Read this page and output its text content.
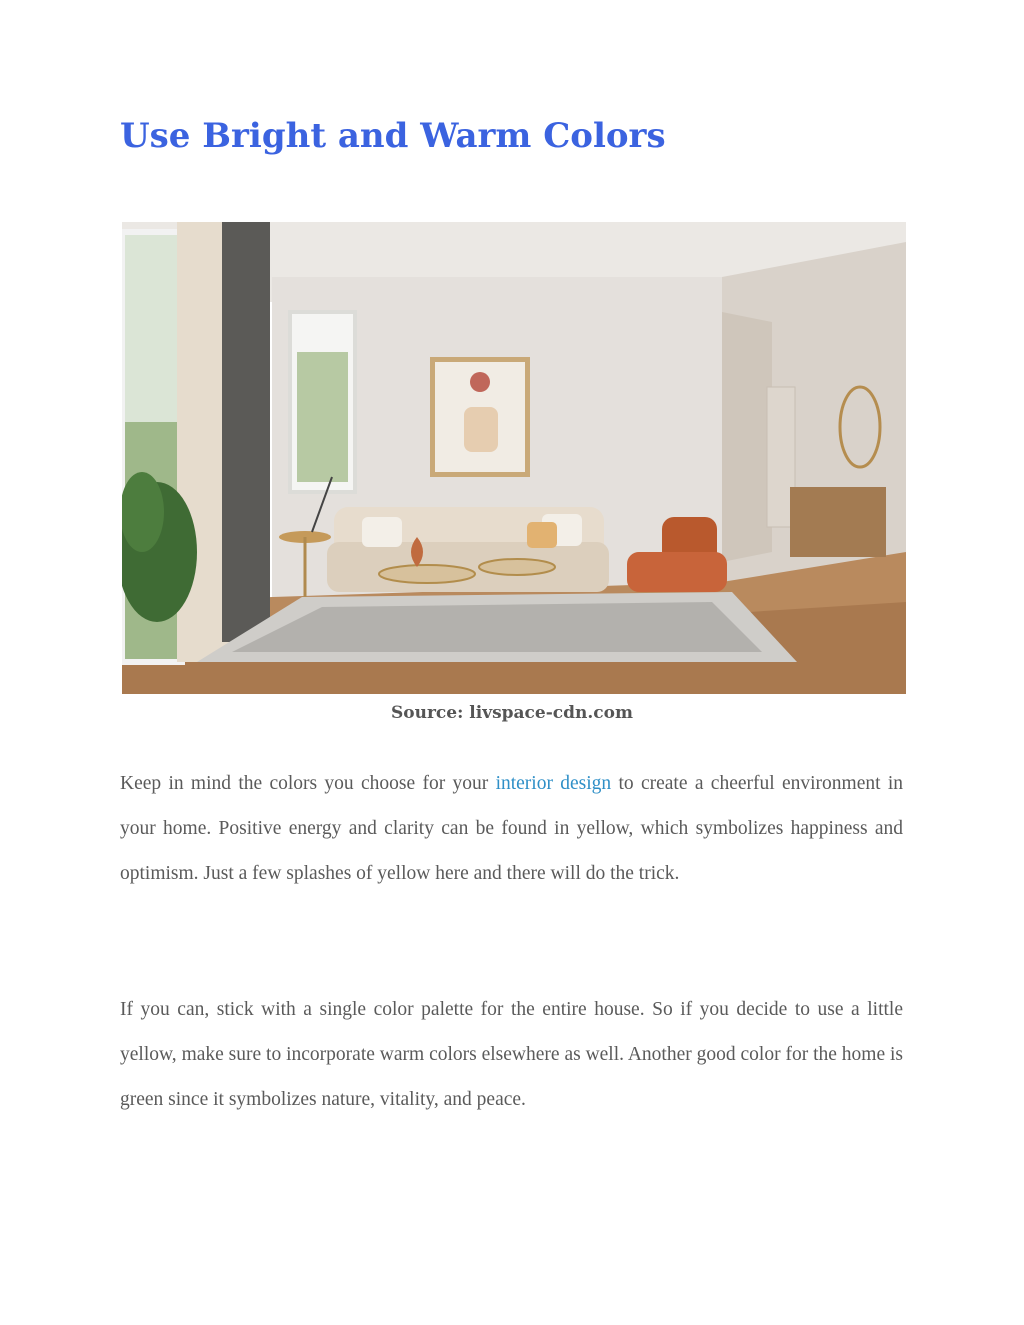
Use Bright and Warm Colors
Source: livspace-cdn.com

Keep in mind the colors you choose for your interior design to create a cheerful environment in your home. Positive energy and clarity can be found in yellow, which symbolizes happiness and optimism. Just a few splashes of yellow here and there will do the trick.

If you can, stick with a single color palette for the entire house. So if you decide to use a little yellow, make sure to incorporate warm colors elsewhere as well. Another good color for the home is green since it symbolizes nature, vitality, and peace.
